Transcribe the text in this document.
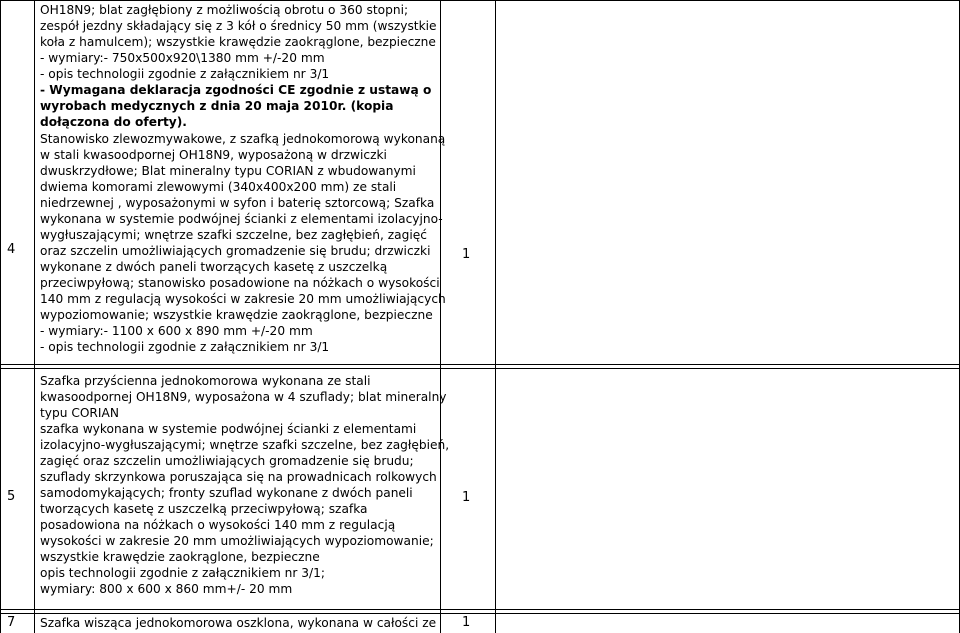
4
OH18N9; blat zagłębiony z możliwością obrotu o 360 stopni;
zespół jezdny składający się z 3 kół o średnicy 50 mm (wszystkie
koła z hamulcem); wszystkie krawędzie zaokrąglone, bezpieczne
- wymiary:- 750x500x920\1380 mm +/-20 mm
- opis technologii zgodnie z załącznikiem nr 3/1
- Wymagana deklaracja zgodności CE zgodnie z ustawą o
wyrobach medycznych z dnia 20 maja 2010r. (kopia
dołączona do oferty).
Stanowisko zlewozmywakowe, z szafką jednokomorową wykonaną
w stali kwasoodpornej OH18N9, wyposażoną w drzwiczki
dwuskrzydłowe; Blat mineralny typu CORIAN z wbudowanymi
dwiema komorami zlewowymi (340x400x200 mm) ze stali
niedrzewnej , wyposażonymi w syfon i baterię sztorcową; Szafka
wykonana w systemie podwójnej ścianki z elementami izolacyjno-
wygłuszającymi; wnętrze szafki szczelne, bez zagłębień, zagięć
oraz szczelin umożliwiających gromadzenie się brudu; drzwiczki
wykonane z dwóch paneli tworzących kasetę z uszczelką
przeciwpyłową; stanowisko posadowione na nóżkach o wysokości
140 mm z regulacją wysokości w zakresie 20 mm umożliwiających
wypoziomowanie; wszystkie krawędzie zaokrąglone, bezpieczne
- wymiary:- 1100 x 600 x 890 mm +/-20 mm
- opis technologii zgodnie z załącznikiem nr 3/1
1
5
Szafka przyścienna jednokomorowa wykonana ze stali
kwasoodpornej OH18N9, wyposażona w 4 szuflady; blat mineralny
typu CORIAN
szafka wykonana w systemie podwójnej ścianki z elementami
izolacyjno-wygłuszającymi; wnętrze szafki szczelne, bez zagłębień,
zagięć oraz szczelin umożliwiających gromadzenie się brudu;
szuflady skrzynkowa poruszająca się na prowadnicach rolkowych
samodomykających; fronty szuflad wykonane z dwóch paneli
tworzących kasetę z uszczelką przeciwpyłową; szafka
posadowiona na nóżkach o wysokości 140 mm z regulacją
wysokości w zakresie 20 mm umożliwiających wypoziomowanie;
wszystkie krawędzie zaokrąglone, bezpieczne
opis technologii zgodnie z załącznikiem nr 3/1;
wymiary: 800 x 600 x 860 mm+/- 20 mm
1
7 Szafka wisząca jednokomorowa oszklona, wykonana w całości ze 1
